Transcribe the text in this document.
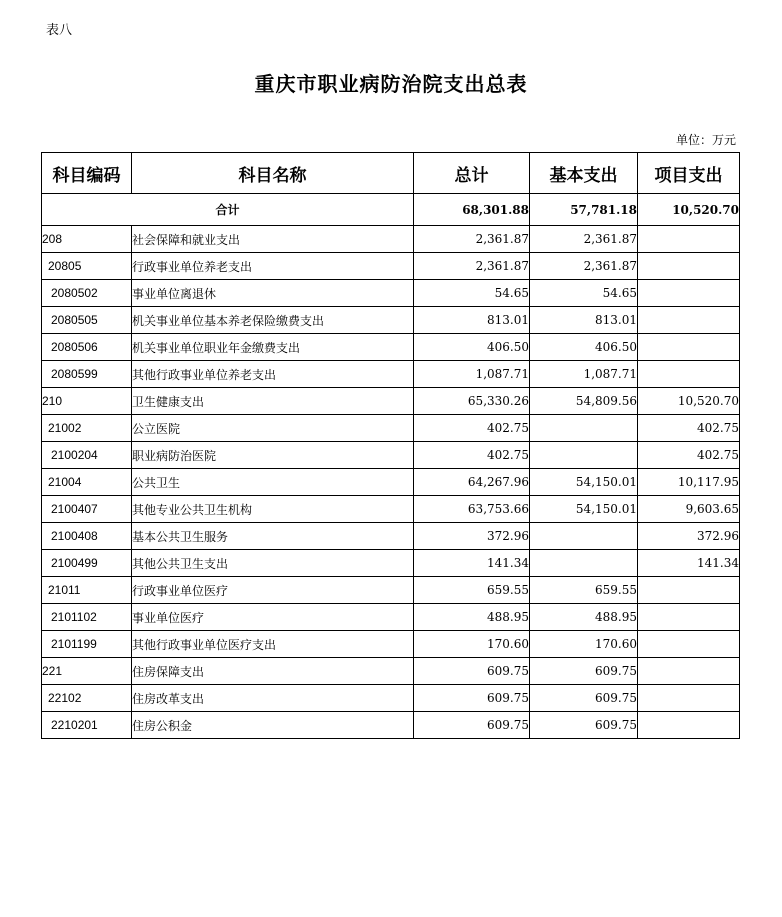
表八
重庆市职业病防治院支出总表
单位：万元
科目编码	科目名称	总计	基本支出	项目支出
合计		68,301.88	57,781.18	10,520.70
208	社会保障和就业支出	2,361.87	2,361.87	
20805	行政事业单位养老支出	2,361.87	2,361.87	
2080502	事业单位离退休	54.65	54.65	
2080505	机关事业单位基本养老保险缴费支出	813.01	813.01	
2080506	机关事业单位职业年金缴费支出	406.50	406.50	
2080599	其他行政事业单位养老支出	1,087.71	1,087.71	
210	卫生健康支出	65,330.26	54,809.56	10,520.70
21002	公立医院	402.75		402.75
2100204	职业病防治医院	402.75		402.75
21004	公共卫生	64,267.96	54,150.01	10,117.95
2100407	其他专业公共卫生机构	63,753.66	54,150.01	9,603.65
2100408	基本公共卫生服务	372.96		372.96
2100499	其他公共卫生支出	141.34		141.34
21011	行政事业单位医疗	659.55	659.55	
2101102	事业单位医疗	488.95	488.95	
2101199	其他行政事业单位医疗支出	170.60	170.60	
221	住房保障支出	609.75	609.75	
22102	住房改革支出	609.75	609.75	
2210201	住房公积金	609.75	609.75	
